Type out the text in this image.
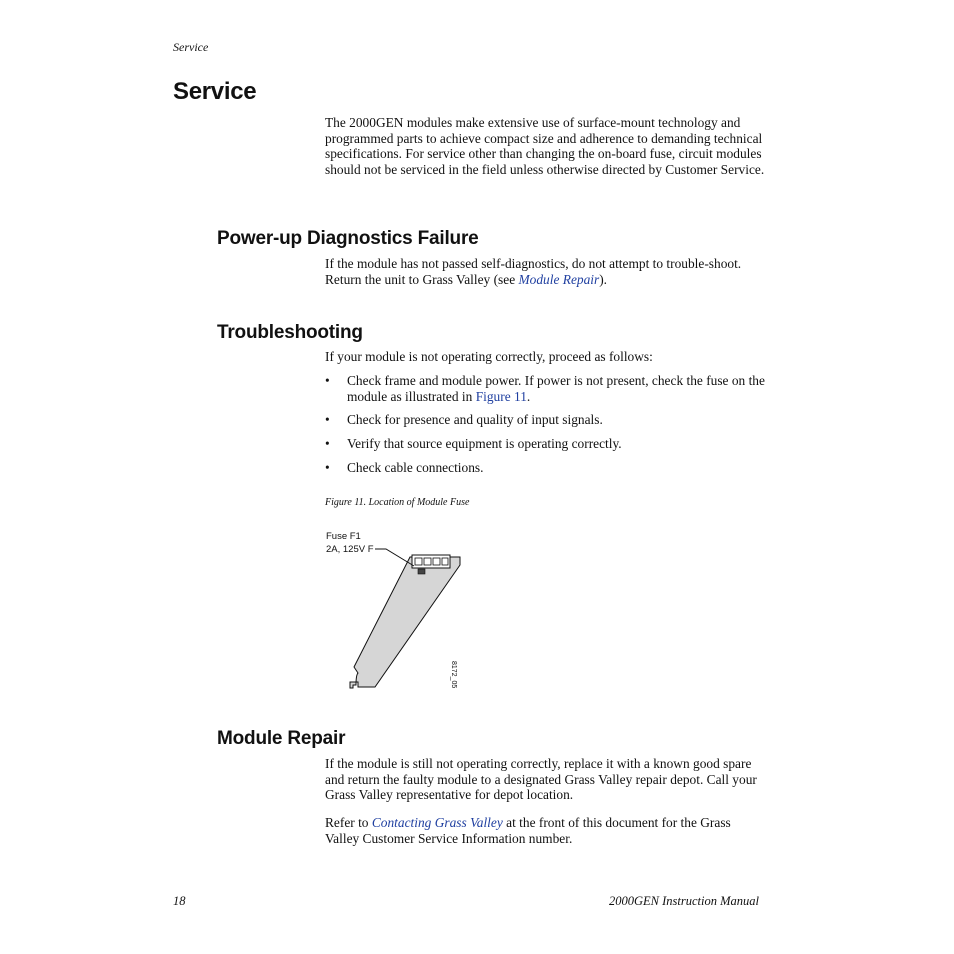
Service
Service
The 2000GEN modules make extensive use of surface-mount technology and programmed parts to achieve compact size and adherence to demanding technical specifications. For service other than changing the on-board fuse, circuit modules should not be serviced in the field unless otherwise directed by Customer Service.
Power-up Diagnostics Failure
If the module has not passed self-diagnostics, do not attempt to trouble-shoot. Return the unit to Grass Valley (see Module Repair).
Troubleshooting
If your module is not operating correctly, proceed as follows:
• Check frame and module power. If power is not present, check the fuse on the module as illustrated in Figure 11.
• Check for presence and quality of input signals.
• Verify that source equipment is operating correctly.
• Check cable connections.
Figure 11. Location of Module Fuse
Fuse F1
2A, 125V F
8172_05
Module Repair
If the module is still not operating correctly, replace it with a known good spare and return the faulty module to a designated Grass Valley repair depot. Call your Grass Valley representative for depot location.
Refer to Contacting Grass Valley at the front of this document for the Grass Valley Customer Service Information number.
18	2000GEN Instruction Manual
